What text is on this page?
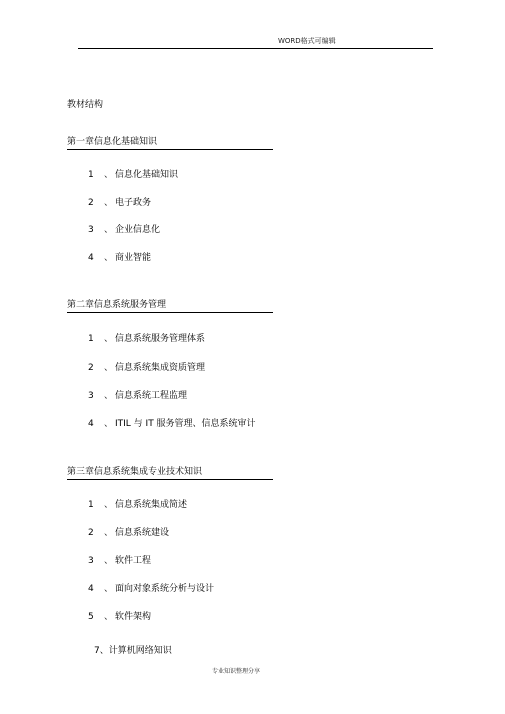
WORD格式可编辑
教材结构
第一章信息化基础知识
1 、 信息化基础知识
2 、 电子政务
3 、 企业信息化
4 、 商业智能
第二章信息系统服务管理
1 、 信息系统服务管理体系
2 、 信息系统集成资质管理
3 、 信息系统工程监理
4 、 ITIL 与 IT 服务管理、信息系统审计
第三章信息系统集成专业技术知识
1 、 信息系统集成简述
2 、 信息系统建设
3 、 软件工程
4 、 面向对象系统分析与设计
5 、 软件架构
7、计算机网络知识
专业知识整理分享
